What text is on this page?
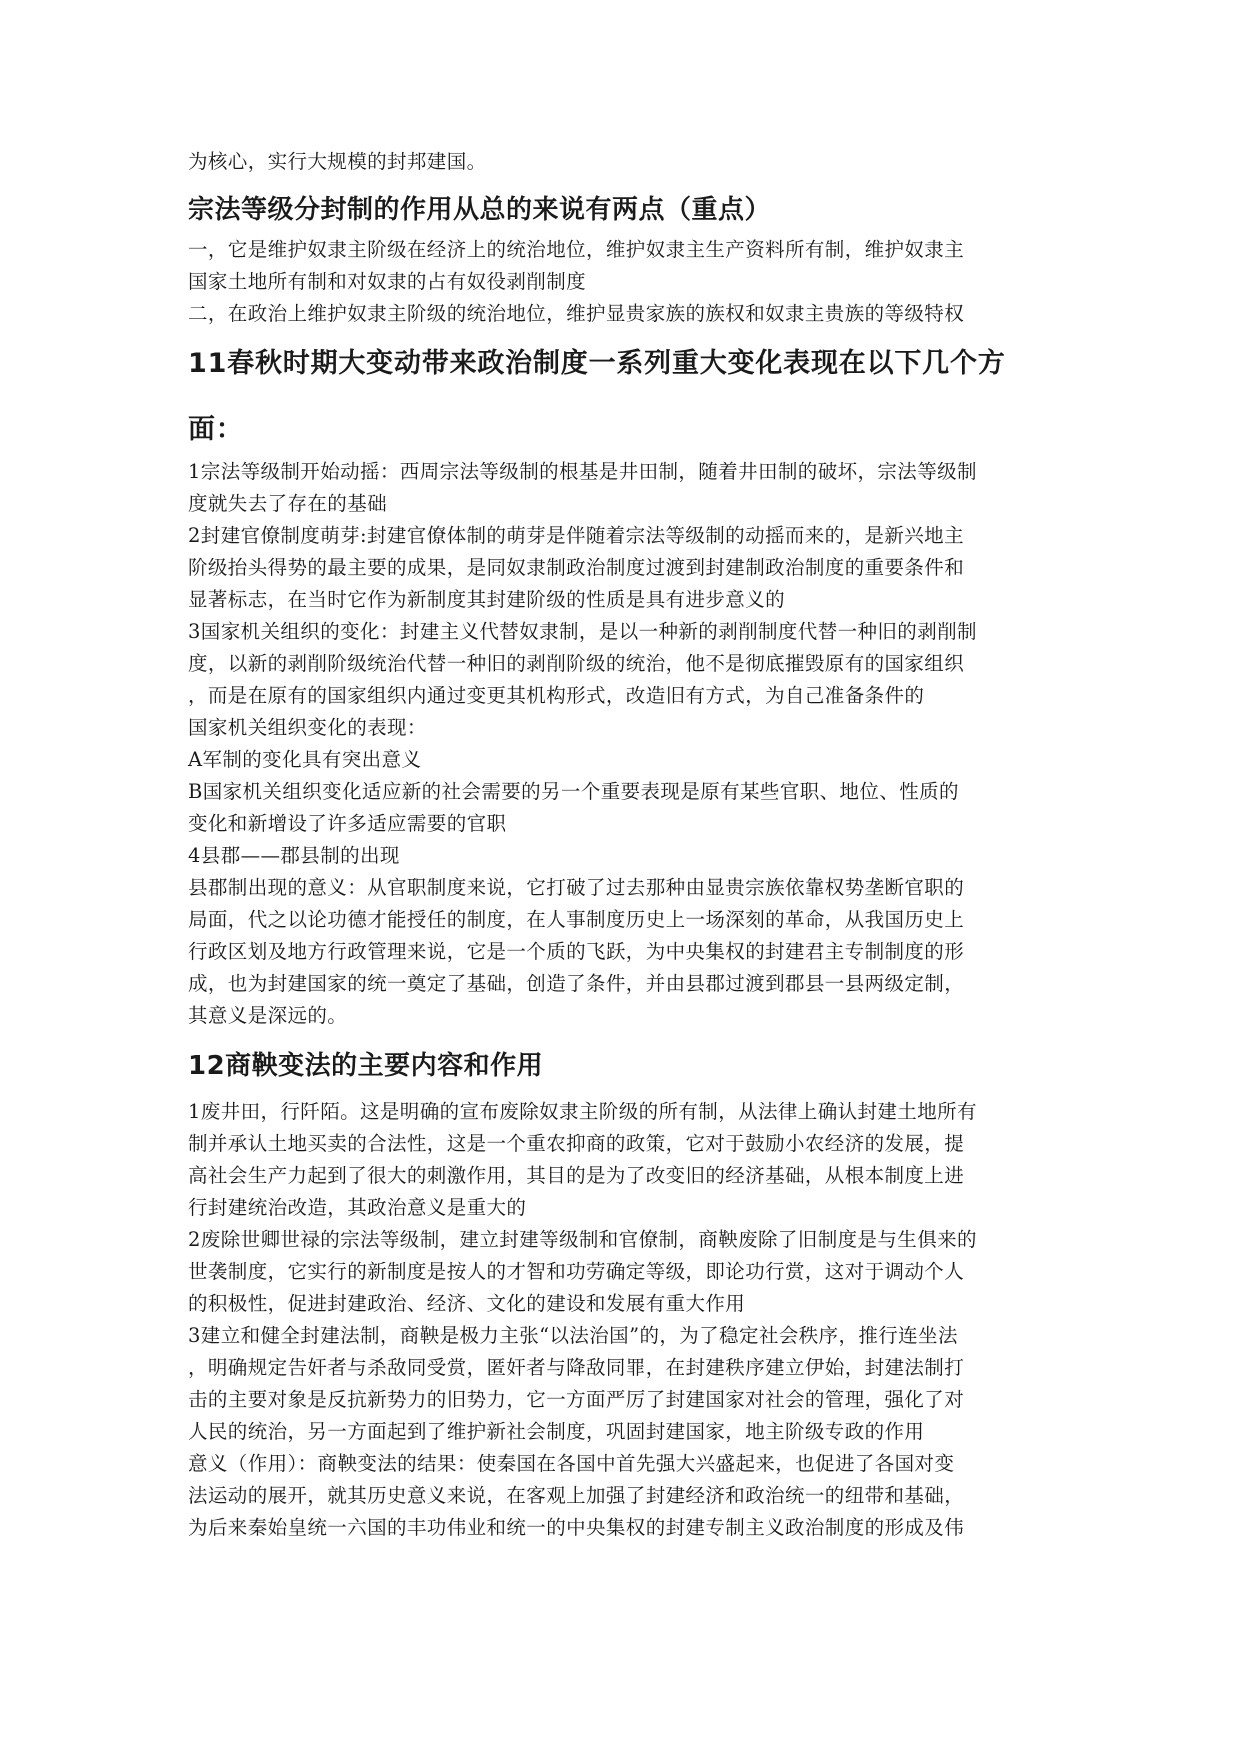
为核心，实行大规模的封邦建国。

宗法等级分封制的作用从总的来说有两点（重点）

一，它是维护奴隶主阶级在经济上的统治地位，维护奴隶主生产资料所有制，维护奴隶主

国家土地所有制和对奴隶的占有奴役剥削制度

二，在政治上维护奴隶主阶级的统治地位，维护显贵家族的族权和奴隶主贵族的等级特权

11春秋时期大变动带来政治制度一系列重大变化表现在以下几个方
面：

1宗法等级制开始动摇：西周宗法等级制的根基是井田制，随着井田制的破坏，宗法等级制

度就失去了存在的基础

2封建官僚制度萌芽:封建官僚体制的萌芽是伴随着宗法等级制的动摇而来的，是新兴地主

阶级抬头得势的最主要的成果，是同奴隶制政治制度过渡到封建制政治制度的重要条件和

显著标志，在当时它作为新制度其封建阶级的性质是具有进步意义的

3国家机关组织的变化：封建主义代替奴隶制，是以一种新的剥削制度代替一种旧的剥削制

度，以新的剥削阶级统治代替一种旧的剥削阶级的统治，他不是彻底摧毁原有的国家组织

，而是在原有的国家组织内通过变更其机构形式，改造旧有方式，为自己准备条件的

国家机关组织变化的表现：

A军制的变化具有突出意义

B国家机关组织变化适应新的社会需要的另一个重要表现是原有某些官职、地位、性质的

变化和新增设了许多适应需要的官职

4县郡——郡县制的出现

县郡制出现的意义：从官职制度来说，它打破了过去那种由显贵宗族依靠权势垄断官职的

局面，代之以论功德才能授任的制度，在人事制度历史上一场深刻的革命，从我国历史上

行政区划及地方行政管理来说，它是一个质的飞跃，为中央集权的封建君主专制制度的形

成，也为封建国家的统一奠定了基础，创造了条件，并由县郡过渡到郡县一县两级定制，

其意义是深远的。

12商鞅变法的主要内容和作用

1废井田，行阡陌。这是明确的宣布废除奴隶主阶级的所有制，从法律上确认封建土地所有

制并承认土地买卖的合法性，这是一个重农抑商的政策，它对于鼓励小农经济的发展，提

高社会生产力起到了很大的刺激作用，其目的是为了改变旧的经济基础，从根本制度上进

行封建统治改造，其政治意义是重大的

2废除世卿世禄的宗法等级制，建立封建等级制和官僚制，商鞅废除了旧制度是与生俱来的

世袭制度，它实行的新制度是按人的才智和功劳确定等级，即论功行赏，这对于调动个人

的积极性，促进封建政治、经济、文化的建设和发展有重大作用

3建立和健全封建法制，商鞅是极力主张“以法治国”的，为了稳定社会秩序，推行连坐法

，明确规定告奸者与杀敌同受赏，匿奸者与降敌同罪，在封建秩序建立伊始，封建法制打

击的主要对象是反抗新势力的旧势力，它一方面严厉了封建国家对社会的管理，强化了对

人民的统治，另一方面起到了维护新社会制度，巩固封建国家，地主阶级专政的作用

意义（作用）：商鞅变法的结果：使秦国在各国中首先强大兴盛起来，也促进了各国对变

法运动的展开，就其历史意义来说，在客观上加强了封建经济和政治统一的纽带和基础，

为后来秦始皇统一六国的丰功伟业和统一的中央集权的封建专制主义政治制度的形成及伟
